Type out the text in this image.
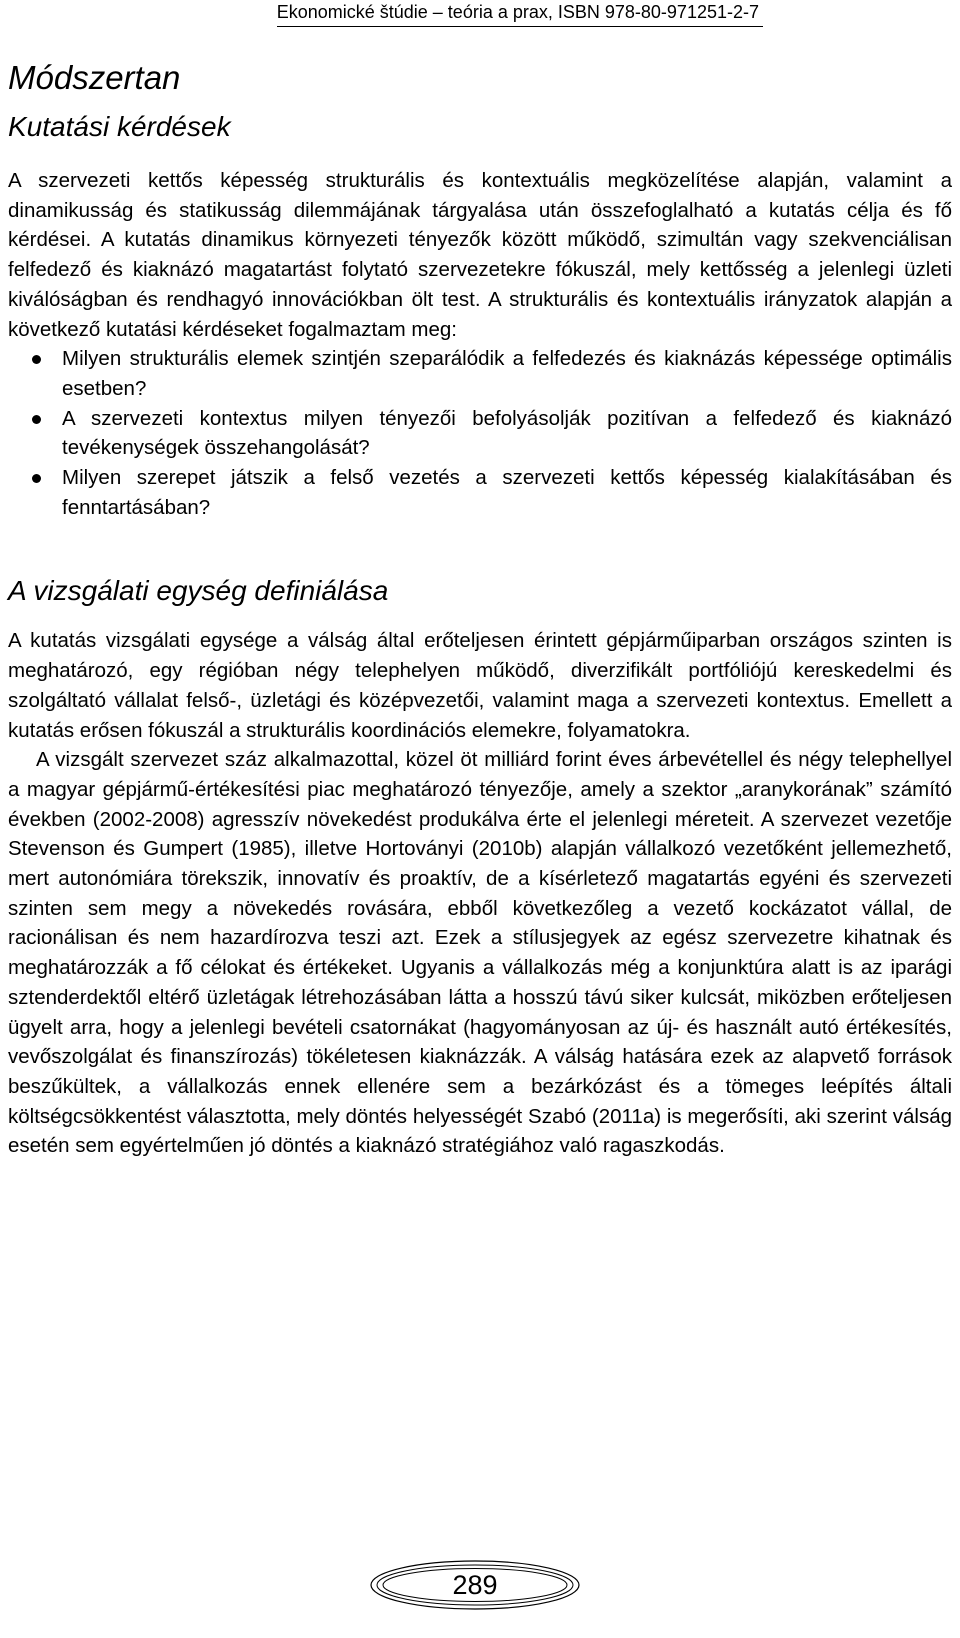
Ekonomické štúdie – teória a prax, ISBN 978-80-971251-2-7
Módszertan
Kutatási kérdések

A szervezeti kettős képesség strukturális és kontextuális megközelítése alapján, valamint a dinamikusság és statikusság dilemmájának tárgyalása után összefoglalható a kutatás célja és fő kérdései. A kutatás dinamikus környezeti tényezők között működő, szimultán vagy szekvenciálisan felfedező és kiaknázó magatartást folytató szervezetekre fókuszál, mely kettősség a jelenlegi üzleti kiválóságban és rendhagyó innovációkban ölt test. A strukturális és kontextuális irányzatok alapján a következő kutatási kérdéseket fogalmaztam meg:

Milyen strukturális elemek szintjén szeparálódik a felfedezés és kiaknázás képessége optimális esetben?
A szervezeti kontextus milyen tényezői befolyásolják pozitívan a felfedező és kiaknázó tevékenységek összehangolását?
Milyen szerepet játszik a felső vezetés a szervezeti kettős képesség kialakításában és fenntartásában?
A vizsgálati egység definiálása

A kutatás vizsgálati egysége a válság által erőteljesen érintett gépjárműiparban országos szinten is meghatározó, egy régióban négy telephelyen működő, diverzifikált portfóliójú kereskedelmi és szolgáltató vállalat felső-, üzletági és középvezetői, valamint maga a szervezeti kontextus. Emellett a kutatás erősen fókuszál a strukturális koordinációs elemekre, folyamatokra.

A vizsgált szervezet száz alkalmazottal, közel öt milliárd forint éves árbevétellel és négy telephellyel a magyar gépjármű-értékesítési piac meghatározó tényezője, amely a szektor „aranykorának” számító években (2002-2008) agresszív növekedést produkálva érte el jelenlegi méreteit. A szervezet vezetője Stevenson és Gumpert (1985), illetve Hortoványi (2010b) alapján vállalkozó vezetőként jellemezhető, mert autonómiára törekszik, innovatív és proaktív, de a kísérletező magatartás egyéni és szervezeti szinten sem megy a növekedés rovására, ebből következőleg a vezető kockázatot vállal, de racionálisan és nem hazardírozva teszi azt. Ezek a stílusjegyek az egész szervezetre kihatnak és meghatározzák a fő célokat és értékeket. Ugyanis a vállalkozás még a konjunktúra alatt is az iparági sztenderdektől eltérő üzletágak létrehozásában látta a hosszú távú siker kulcsát, miközben erőteljesen ügyelt arra, hogy a jelenlegi bevételi csatornákat (hagyományosan az új- és használt autó értékesítés, vevőszolgálat és finanszírozás) tökéletesen kiaknázzák. A válság hatására ezek az alapvető források beszűkültek, a vállalkozás ennek ellenére sem a bezárkózást és a tömeges leépítés általi költségcsökkentést választotta, mely döntés helyességét Szabó (2011a) is megerősíti, aki szerint válság esetén sem egyértelműen jó döntés a kiaknázó stratégiához való ragaszkodás.

289
